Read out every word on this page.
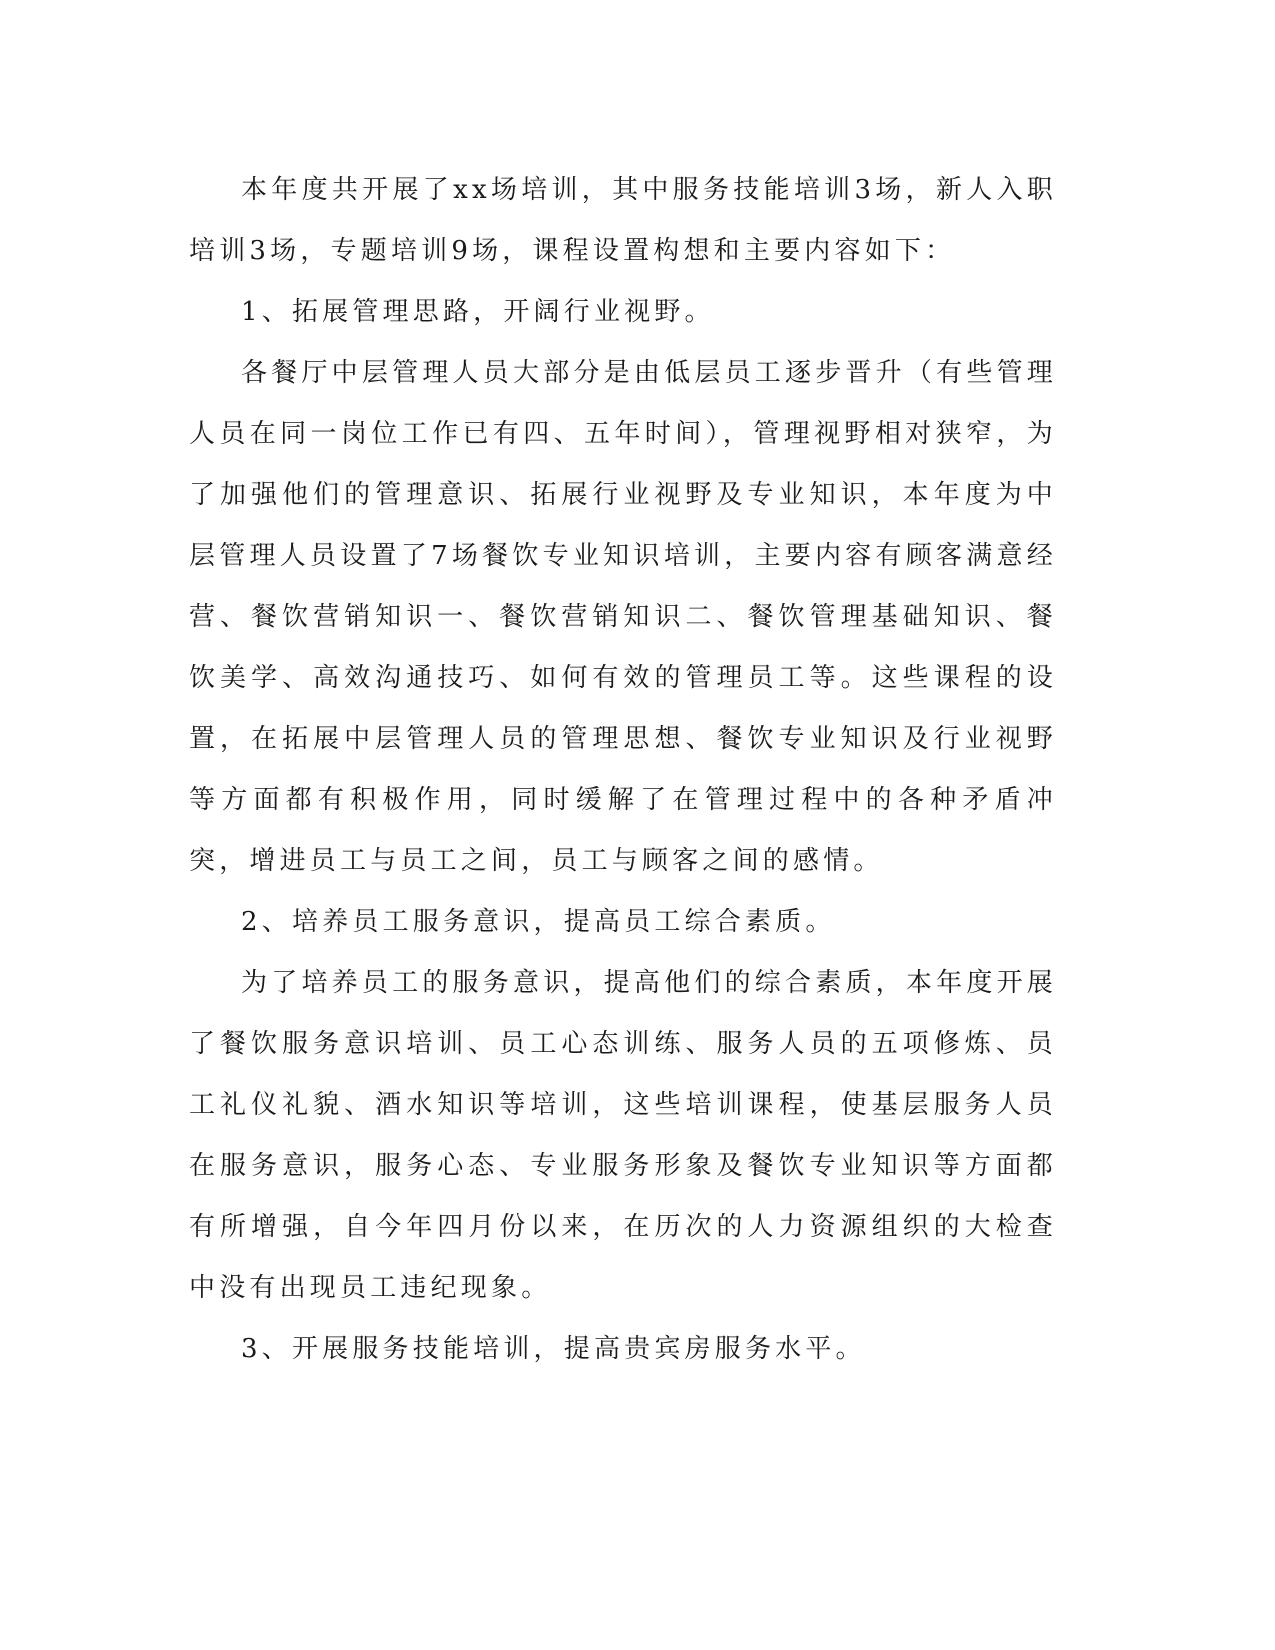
本年度共开展了xx场培训，其中服务技能培训3场，新人入职培训3场，专题培训9场，课程设置构想和主要内容如下：

1、拓展管理思路，开阔行业视野。

各餐厅中层管理人员大部分是由低层员工逐步晋升（有些管理人员在同一岗位工作已有四、五年时间），管理视野相对狭窄，为了加强他们的管理意识、拓展行业视野及专业知识，本年度为中层管理人员设置了7场餐饮专业知识培训，主要内容有顾客满意经营、餐饮营销知识一、餐饮营销知识二、餐饮管理基础知识、餐饮美学、高效沟通技巧、如何有效的管理员工等。这些课程的设置，在拓展中层管理人员的管理思想、餐饮专业知识及行业视野等方面都有积极作用，同时缓解了在管理过程中的各种矛盾冲突，增进员工与员工之间，员工与顾客之间的感情。

2、培养员工服务意识，提高员工综合素质。

为了培养员工的服务意识，提高他们的综合素质，本年度开展了餐饮服务意识培训、员工心态训练、服务人员的五项修炼、员工礼仪礼貌、酒水知识等培训，这些培训课程，使基层服务人员在服务意识，服务心态、专业服务形象及餐饮专业知识等方面都有所增强，自今年四月份以来，在历次的人力资源组织的大检查中没有出现员工违纪现象。

3、开展服务技能培训，提高贵宾房服务水平。
